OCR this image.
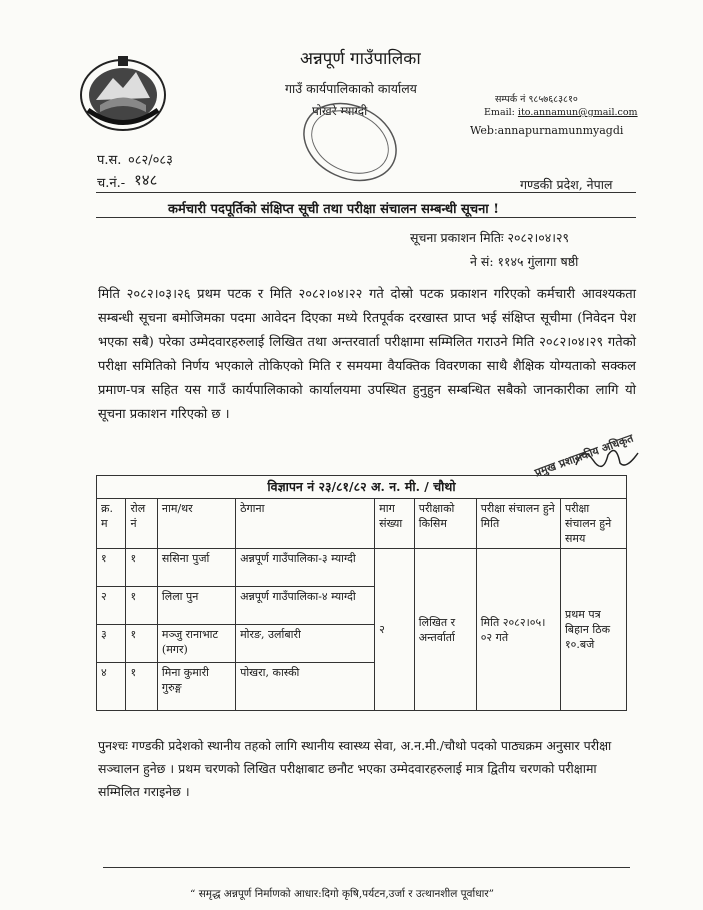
अन्नपूर्ण गाउँपालिका
गाउँ कार्यपालिकाको कार्यालय
पोखरे म्याग्दी
सम्पर्क नं ९८५७६८३८१०
Email: ito.annamun@gmail.com
Web:annapurnamunmyagdi
प.स. ०८२/०८३
च.नं.- १४८	गण्डकी प्रदेश, नेपाल
कर्मचारी पदपूर्तिको संक्षिप्त सूची तथा परीक्षा संचालन सम्बन्धी सूचना !
सूचना प्रकाशन मितिः २०८२।०४।२९
ने सं: ११४५ गुंलागा षष्ठी
मिति २०८२।०३।२६ प्रथम पटक र मिति २०८२।०४।२२ गते दोस्रो पटक प्रकाशन गरिएको कर्मचारी आवश्यकता सम्बन्धी सूचना बमोजिमका पदमा आवेदन दिएका मध्ये रितपूर्वक दरखास्त प्राप्त भई संक्षिप्त सूचीमा (निवेदन पेश भएका सबै) परेका उम्मेदवारहरुलाई लिखित तथा अन्तरवार्ता परीक्षामा सम्मिलित गराउने मिति २०८२।०४।२९ गतेको परीक्षा समितिको निर्णय भएकाले तोकिएको मिति र समयमा वैयक्तिक विवरणका साथै शैक्षिक योग्यताको सक्कल प्रमाण-पत्र सहित यस गाउँ कार्यपालिकाको कार्यालयमा उपस्थित हुनुहुन सम्बन्धित सबैको जानकारीका लागि यो सूचना प्रकाशन गरिएको छ ।
प्रमुख प्रशासकीय अधिकृत
विज्ञापन नं २३/८१/८२ अ. न. मी. / चौथो							
क्र. म	रोल नं	नाम/थर	ठेगाना	माग संख्या	परीक्षाको किसिम	परीक्षा संचालन हुने मिति	परीक्षा संचालन हुने समय
१	१	ससिना पुर्जा	अन्नपूर्ण गाउँपालिका-३ म्याग्दी	२	लिखित र अन्तर्वार्ता	मिति २०८२।०५।०२ गते	प्रथम पत्र बिहान ठिक १०.बजे
२	१	लिला पुन	अन्नपूर्ण गाउँपालिका-४ म्याग्दी				
३	१	मञ्जु रानाभाट (मगर)	मोरङ, उर्लाबारी				
४	१	मिना कुमारी गुरुङ्ग	पोखरा, कास्की				
पुनश्चः गण्डकी प्रदेशको स्थानीय तहको लागि स्थानीय स्वास्थ्य सेवा, अ.न.मी./चौथो पदको पाठ्यक्रम अनुसार परीक्षा सञ्चालन हुनेछ । प्रथम चरणको लिखित परीक्षाबाट छनौट भएका उम्मेदवारहरुलाई मात्र द्वितीय चरणको परीक्षामा सम्मिलित गराइनेछ ।
“ समृद्ध अन्नपूर्ण निर्माणको आधार:दिगो कृषि,पर्यटन,उर्जा र उत्थानशील पूर्वाधार”
